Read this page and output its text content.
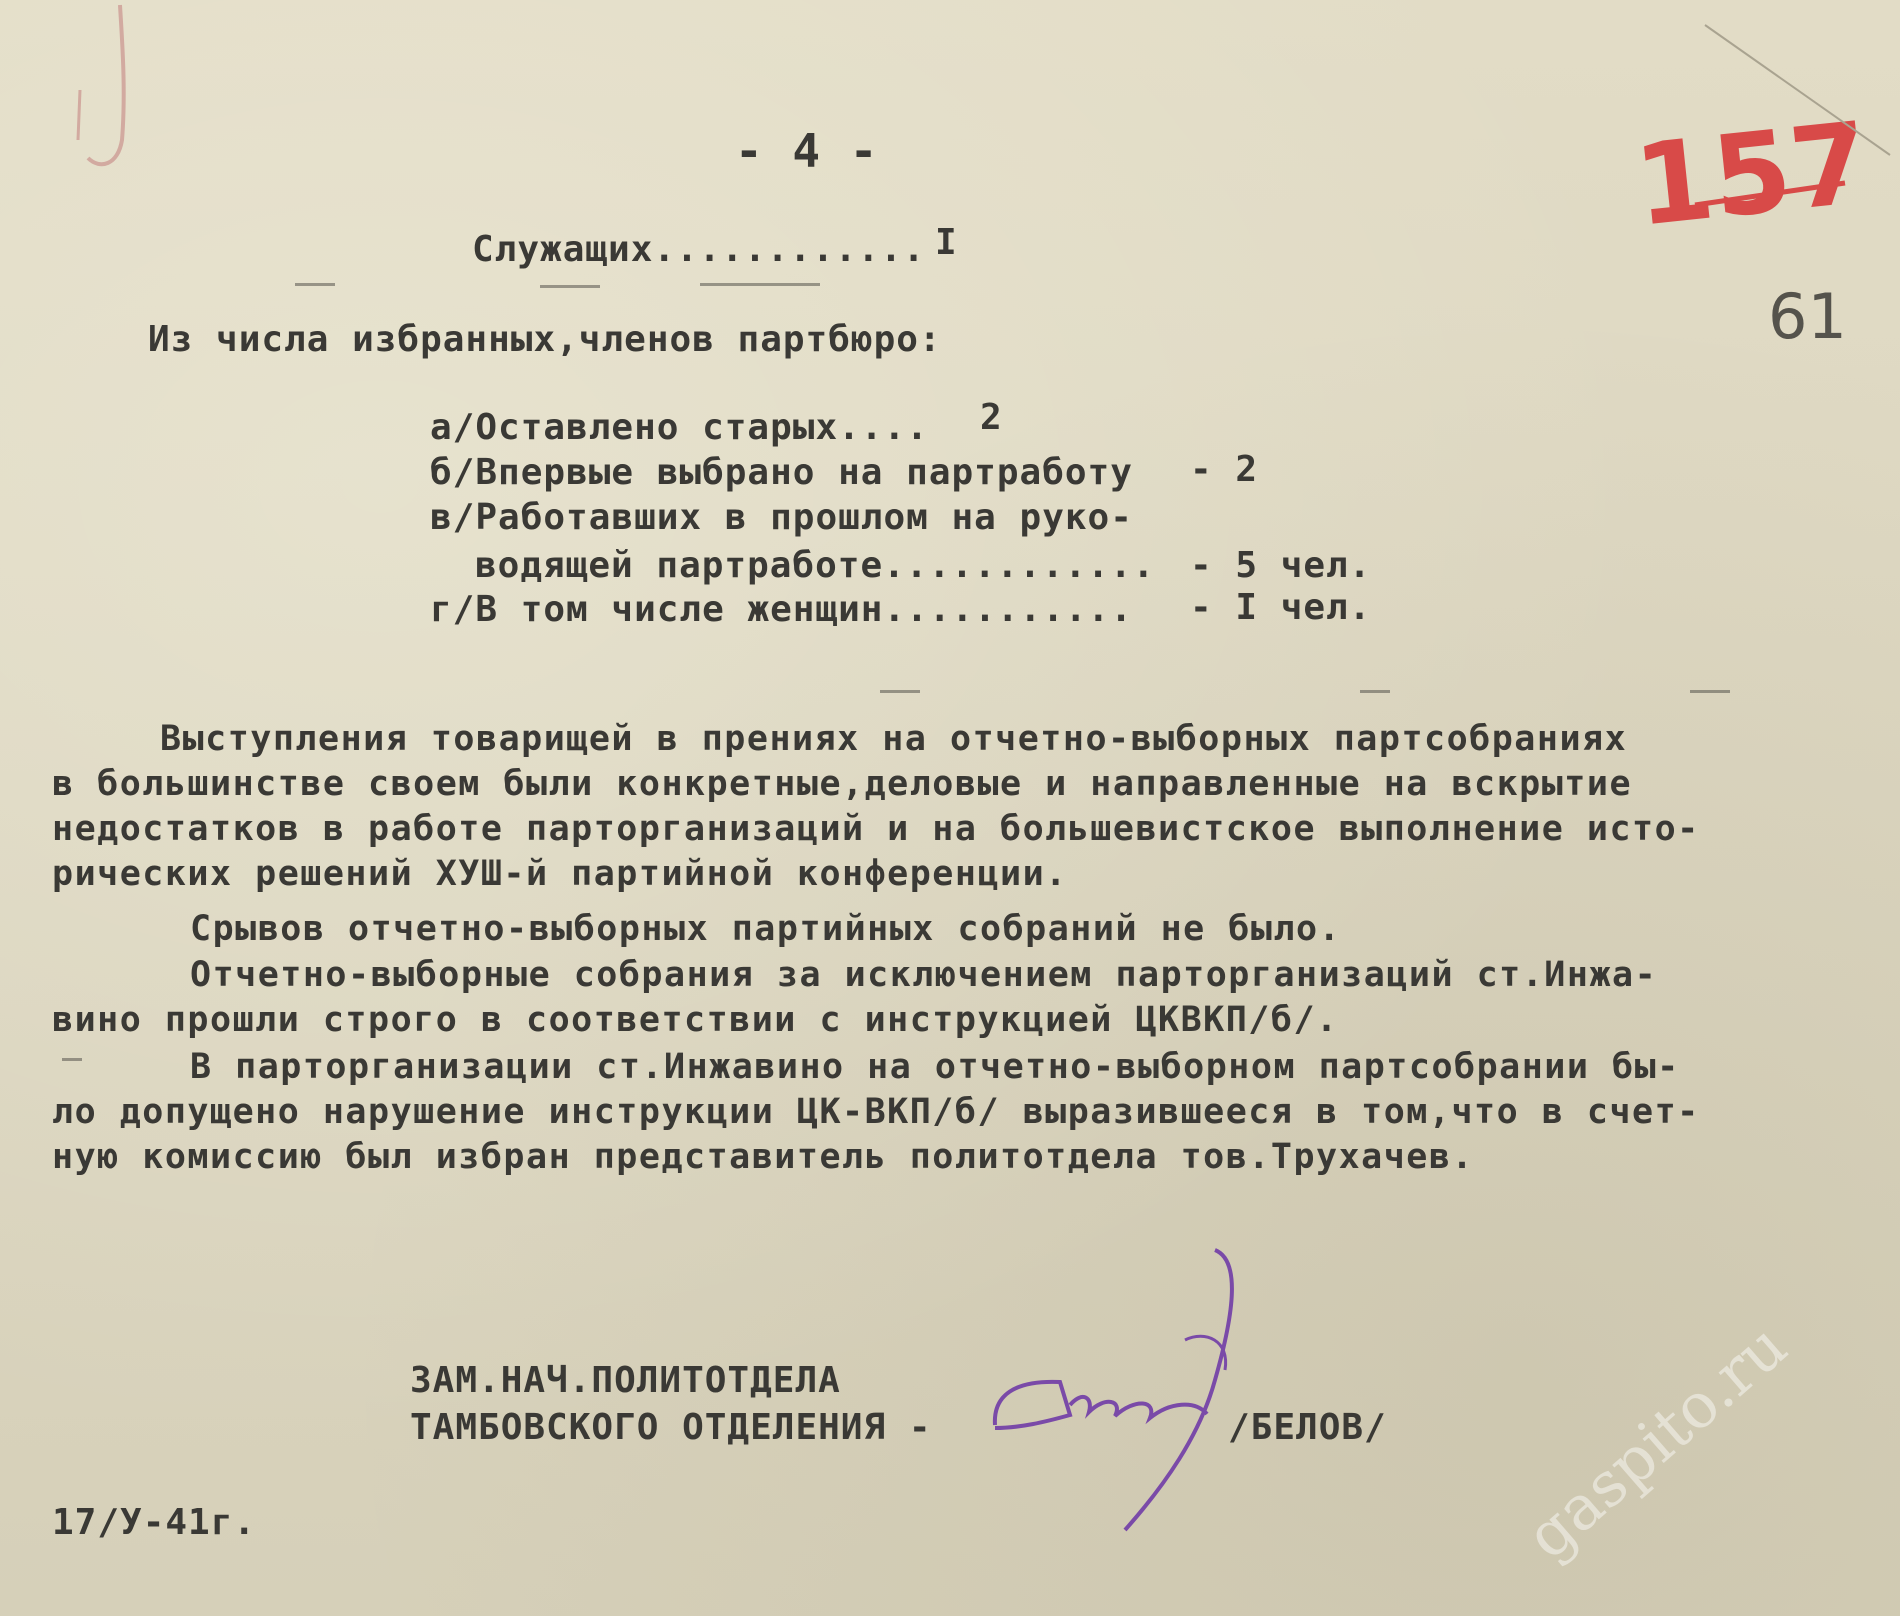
157
61
- 4 -
Служащих............ I
Из числа избранных,членов партбюро:
а/Оставлено старых.... 2
б/Впервые выбрано на партработу - 2
в/Работавших в прошлом на руко-
водящей партработе............ - 5 чел.
г/В том числе женщин........... - I чел.
Выступления товарищей в прениях на отчетно-выборных партсобраниях
в большинстве своем были конкретные,деловые и направленные на вскрытие
недостатков в работе парторганизаций и на большевистское выполнение исто-
рических решений ХУШ-й партийной конференции.
Срывов отчетно-выборных партийных собраний не было.
Отчетно-выборные собрания за исключением парторганизаций ст.Инжа-
вино прошли строго в соответствии с инструкцией ЦКВКП/б/.
В парторганизации ст.Инжавино на отчетно-выборном партсобрании бы-
ло допущено нарушение инструкции ЦК-ВКП/б/ выразившееся в том,что в счет-
ную комиссию был избран представитель политотдела тов.Трухачев.
ЗАМ.НАЧ.ПОЛИТОТДЕЛА
ТАМБОВСКОГО ОТДЕЛЕНИЯ -	/БЕЛОВ/
17/У-41г.	gaspito.ru
